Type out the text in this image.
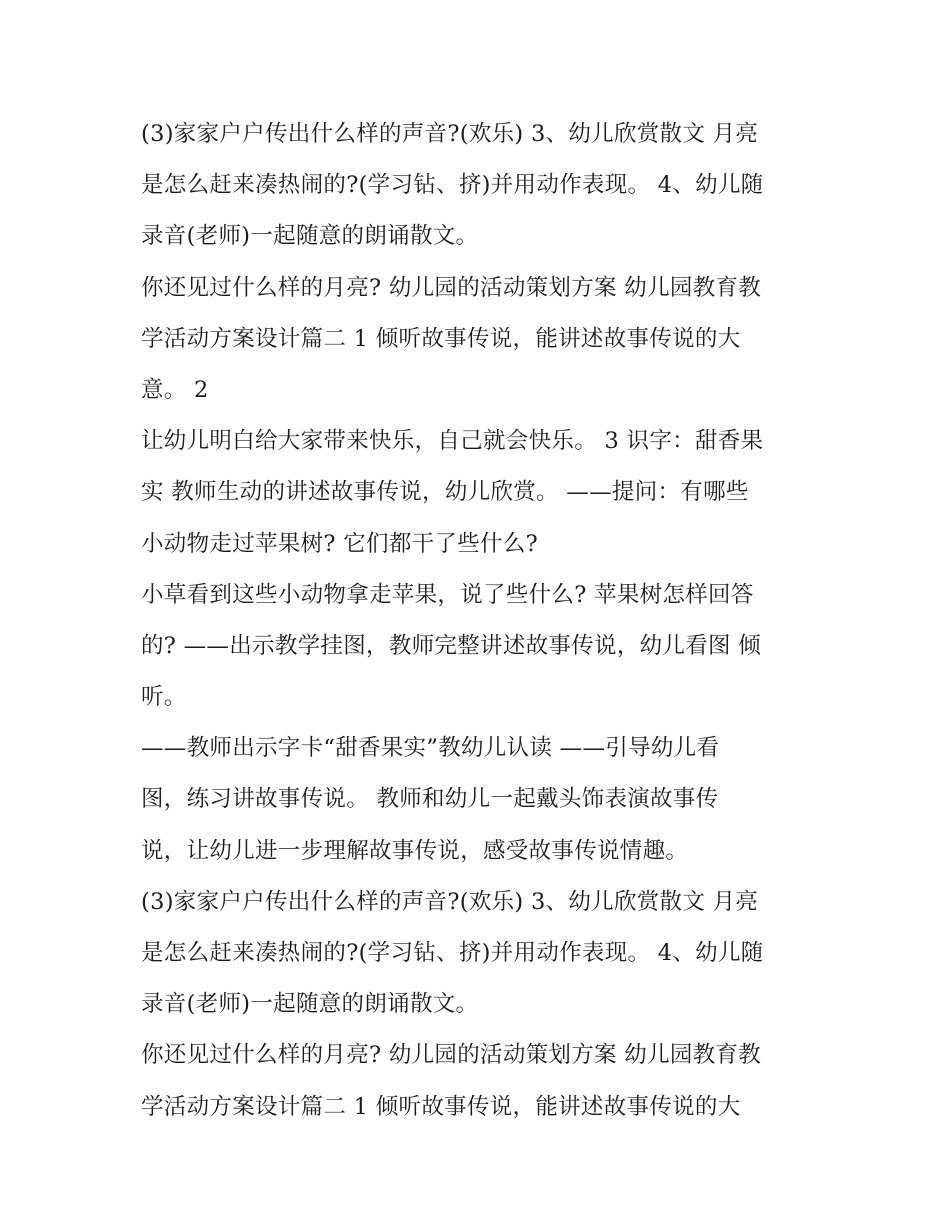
(3)家家户户传出什么样的声音?(欢乐) 3、幼儿欣赏散文 月亮
是怎么赶来凑热闹的?(学习钻、挤)并用动作表现。 4、幼儿随
录音(老师)一起随意的朗诵散文。
你还见过什么样的月亮? 幼儿园的活动策划方案 幼儿园教育教
学活动方案设计篇二 1 倾听故事传说，能讲述故事传说的大
意。 2
让幼儿明白给大家带来快乐，自己就会快乐。 3 识字：甜香果
实 教师生动的讲述故事传说，幼儿欣赏。 ——提问：有哪些
小动物走过苹果树? 它们都干了些什么?
小草看到这些小动物拿走苹果，说了些什么? 苹果树怎样回答
的? ——出示教学挂图，教师完整讲述故事传说，幼儿看图 倾
听。
——教师出示字卡“甜香果实”教幼儿认读 ——引导幼儿看
图，练习讲故事传说。 教师和幼儿一起戴头饰表演故事传
说，让幼儿进一步理解故事传说，感受故事传说情趣。
(3)家家户户传出什么样的声音?(欢乐) 3、幼儿欣赏散文 月亮
是怎么赶来凑热闹的?(学习钻、挤)并用动作表现。 4、幼儿随
录音(老师)一起随意的朗诵散文。
你还见过什么样的月亮? 幼儿园的活动策划方案 幼儿园教育教
学活动方案设计篇二 1 倾听故事传说，能讲述故事传说的大
